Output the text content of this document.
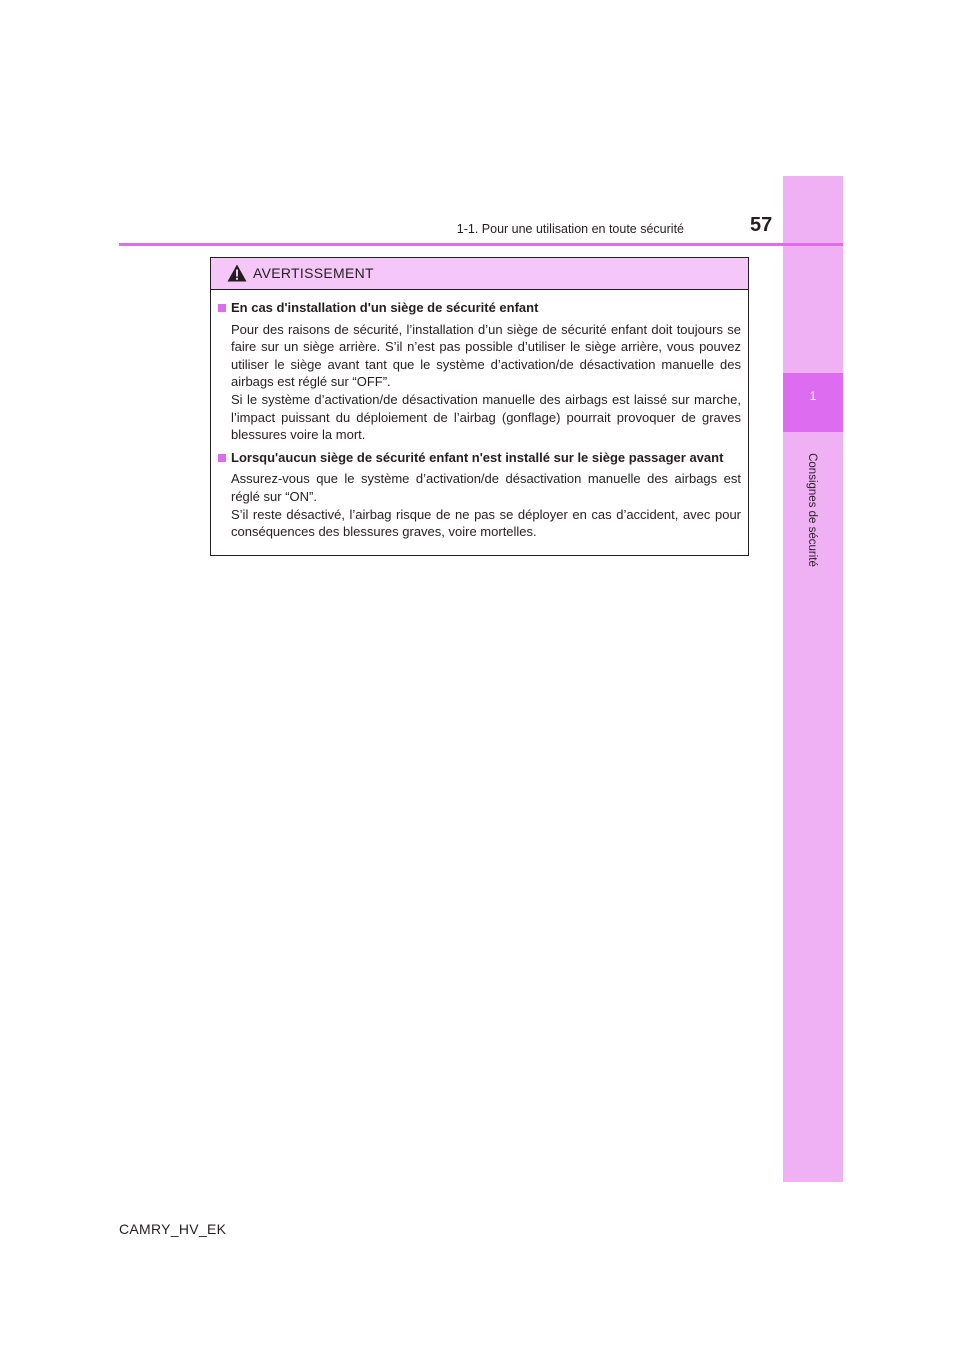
1
Consignes de sécurité
1-1. Pour une utilisation en toute sécurité	57
AVERTISSEMENT
En cas d'installation d'un siège de sécurité enfant

Pour des raisons de sécurité, l’installation d’un siège de sécurité enfant doit toujours se faire sur un siège arrière. S’il n’est pas possible d’utiliser le siège arrière, vous pouvez utiliser le siège avant tant que le système d’activation/de désactivation manuelle des airbags est réglé sur “OFF”.

Si le système d’activation/de désactivation manuelle des airbags est laissé sur marche, l’impact puissant du déploiement de l’airbag (gonflage) pourrait provoquer de graves blessures voire la mort.

Lorsqu'aucun siège de sécurité enfant n'est installé sur le siège passager avant

Assurez-vous que le système d’activation/de désactivation manuelle des airbags est réglé sur “ON”.

S’il reste désactivé, l’airbag risque de ne pas se déployer en cas d’accident, avec pour conséquences des blessures graves, voire mortelles.

CAMRY_HV_EK
